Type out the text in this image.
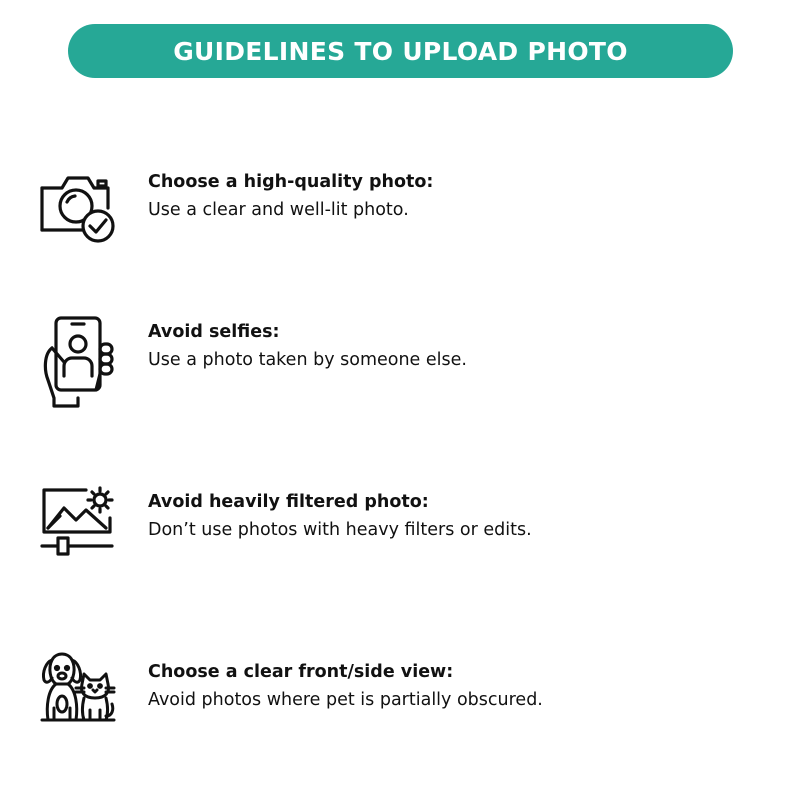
GUIDELINES TO UPLOAD PHOTO
Choose a high-quality photo:
Use a clear and well-lit photo.
Avoid selfies:
Use a photo taken by someone else.
Avoid heavily filtered photo:
Don’t use photos with heavy filters or edits.
Choose a clear front/side view:
Avoid photos where pet is partially obscured.
